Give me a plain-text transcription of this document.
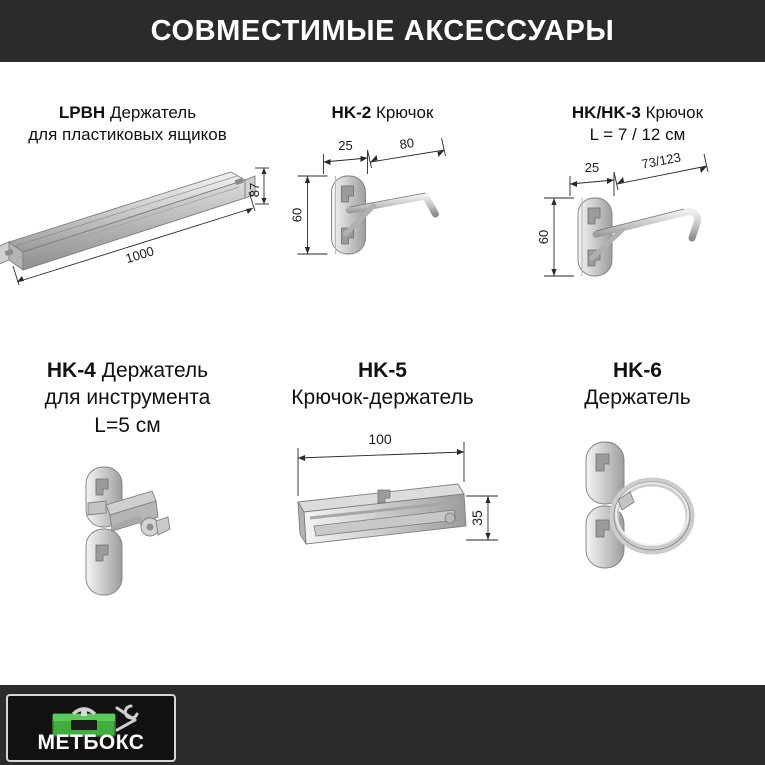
СОВМЕСТИМЫЕ АКСЕССУАРЫ
LPBH Держатель
для пластиковых ящиков
87
1000
HK-2 Крючок
25	80
60
HK/HK-3 Крючок
L = 7 / 12 см
25	73/123
60
HK-4 Держатель
для инструмента
L=5 см
HK-5
Крючок-держатель
100
35
HK-6
Держатель
МЕТБОКС
